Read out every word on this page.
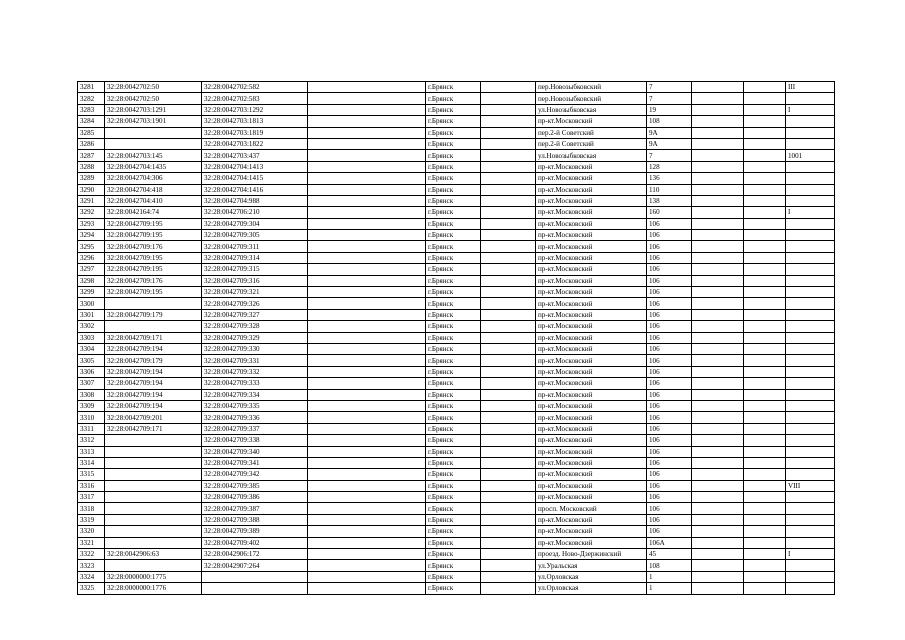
3281	32:28:0042702:50	32:28:0042702:582		г.Брянск		пер.Новозыбковский	7			III
3282	32:28:0042702:50	32:28:0042702:583		г.Брянск		пер.Новозыбковский	7			
3283	32:28:0042703:1291	32:28:0042703:1292		г.Брянск		ул.Новозыбковская	19			I
3284	32:28:0042703:1901	32:28:0042703:1813		г.Брянск		пр-кт.Московский	108			
3285		32:28:0042703:1819		г.Брянск		пер.2-й Советский	9А			
3286		32:28:0042703:1822		г.Брянск		пер.2-й Советский	9А			
3287	32:28:0042703:145	32:28:0042703:437		г.Брянск		ул.Новозыбковская	7			1001
3288	32:28:0042704:1435	32:28:0042704:1413		г.Брянск		пр-кт.Московский	128			
3289	32:28:0042704:306	32:28:0042704:1415		г.Брянск		пр-кт.Московский	136			
3290	32:28:0042704:418	32:28:0042704:1416		г.Брянск		пр-кт.Московский	110			
3291	32:28:0042704:410	32:28:0042704:988		г.Брянск		пр-кт.Московский	138			
3292	32:28:0042164:74	32:28:0042706:210		г.Брянск		пр-кт.Московский	160			I
3293	32:28:0042709:195	32:28:0042709:304		г.Брянск		пр-кт.Московский	106			
3294	32:28:0042709:195	32:28:0042709:305		г.Брянск		пр-кт.Московский	106			
3295	32:28:0042709:176	32:28:0042709:311		г.Брянск		пр-кт.Московский	106			
3296	32:28:0042709:195	32:28:0042709:314		г.Брянск		пр-кт.Московский	106			
3297	32:28:0042709:195	32:28:0042709:315		г.Брянск		пр-кт.Московский	106			
3298	32:28:0042709:176	32:28:0042709:316		г.Брянск		пр-кт.Московский	106			
3299	32:28:0042709:195	32:28:0042709:321		г.Брянск		пр-кт.Московский	106			
3300		32:28:0042709:326		г.Брянск		пр-кт.Московский	106			
3301	32:28:0042709:179	32:28:0042709:327		г.Брянск		пр-кт.Московский	106			
3302		32:28:0042709:328		г.Брянск		пр-кт.Московский	106			
3303	32:28:0042709:171	32:28:0042709:329		г.Брянск		пр-кт.Московский	106			
3304	32:28:0042709:194	32:28:0042709:330		г.Брянск		пр-кт.Московский	106			
3305	32:28:0042709:179	32:28:0042709:331		г.Брянск		пр-кт.Московский	106			
3306	32:28:0042709:194	32:28:0042709:332		г.Брянск		пр-кт.Московский	106			
3307	32:28:0042709:194	32:28:0042709:333		г.Брянск		пр-кт.Московский	106			
3308	32:28:0042709:194	32:28:0042709:334		г.Брянск		пр-кт.Московский	106			
3309	32:28:0042709:194	32:28:0042709:335		г.Брянск		пр-кт.Московский	106			
3310	32:28:0042709:201	32:28:0042709:336		г.Брянск		пр-кт.Московский	106			
3311	32:28:0042709:171	32:28:0042709:337		г.Брянск		пр-кт.Московский	106			
3312		32:28:0042709:338		г.Брянск		пр-кт.Московский	106			
3313		32:28:0042709:340		г.Брянск		пр-кт.Московский	106			
3314		32:28:0042709:341		г.Брянск		пр-кт.Московский	106			
3315		32:28:0042709:342		г.Брянск		пр-кт.Московский	106			
3316		32:28:0042709:385		г.Брянск		пр-кт.Московский	106			VIII
3317		32:28:0042709:386		г.Брянск		пр-кт.Московский	106			
3318		32:28:0042709:387		г.Брянск		просп. Московский	106			
3319		32:28:0042709:388		г.Брянск		пр-кт.Московский	106			
3320		32:28:0042709:389		г.Брянск		пр-кт.Московский	106			
3321		32:28:0042709:402		г.Брянск		пр-кт.Московский	106А			
3322	32:28:0042906:63	32:28:0042906:172		г.Брянск		проезд. Ново-Дзержинский	45			I
3323		32:28:0042907:264		г.Брянск		ул.Уральская	108			
3324	32:28:0000000:1775			г.Брянск		ул.Орловская	1			
3325	32:28:0000000:1776			г.Брянск		ул.Орловская	1			
